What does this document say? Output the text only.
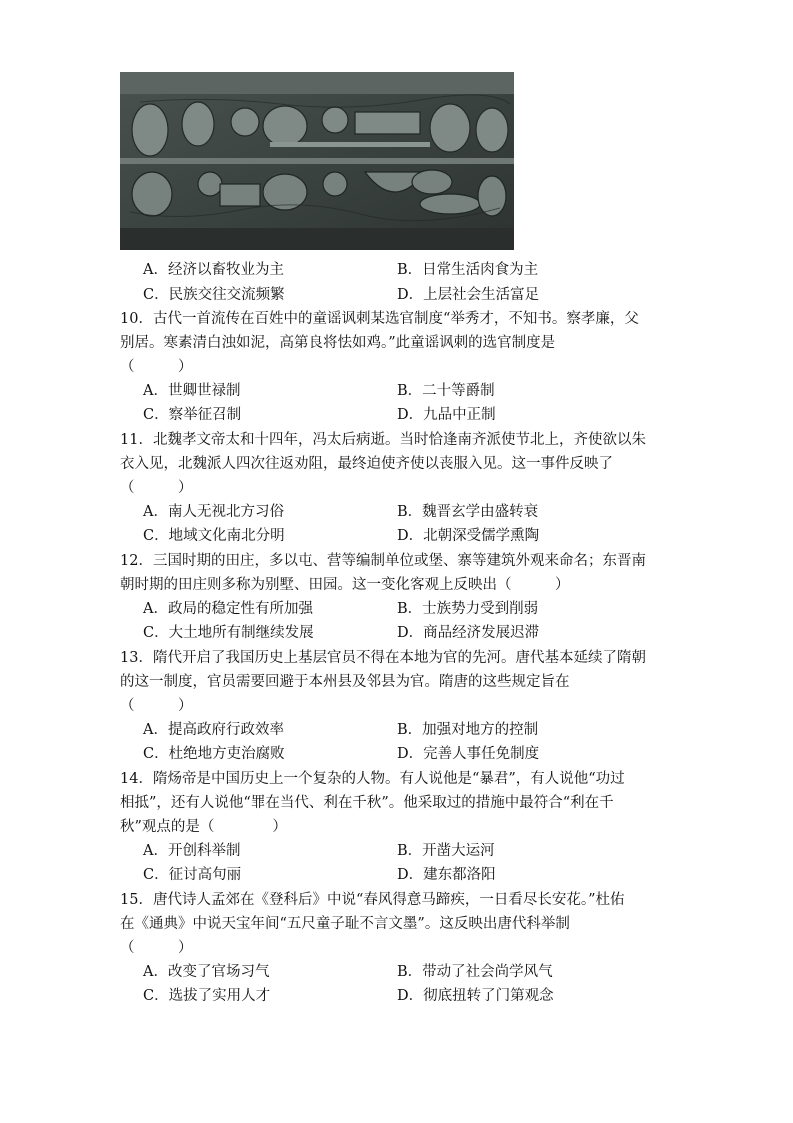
A．经济以畜牧业为主	B．日常生活肉食为主
C．民族交往交流频繁	D．上层社会生活富足
10．古代一首流传在百姓中的童谣讽刺某选官制度“举秀才，不知书。察孝廉，父
别居。寒素清白浊如泥，高第良将怯如鸡。”此童谣讽刺的选官制度是
（　　　）
A．世卿世禄制	B．二十等爵制
C．察举征召制	D．九品中正制
11．北魏孝文帝太和十四年，冯太后病逝。当时恰逢南齐派使节北上，齐使欲以朱
衣入见，北魏派人四次往返劝阻，最终迫使齐使以丧服入见。这一事件反映了
（　　　）
A．南人无视北方习俗	B．魏晋玄学由盛转衰
C．地域文化南北分明	D．北朝深受儒学熏陶
12．三国时期的田庄，多以屯、营等编制单位或堡、寨等建筑外观来命名；东晋南
朝时期的田庄则多称为别墅、田园。这一变化客观上反映出（　　　）
A．政局的稳定性有所加强	B．士族势力受到削弱
C．大土地所有制继续发展	D．商品经济发展迟滞
13．隋代开启了我国历史上基层官员不得在本地为官的先河。唐代基本延续了隋朝
的这一制度，官员需要回避于本州县及邻县为官。隋唐的这些规定旨在
（　　　）
A．提高政府行政效率	B．加强对地方的控制
C．杜绝地方吏治腐败	D．完善人事任免制度
14．隋炀帝是中国历史上一个复杂的人物。有人说他是“暴君”，有人说他“功过
相抵”，还有人说他“罪在当代、利在千秋”。他采取过的措施中最符合“利在千
秋”观点的是（　　　　）
A．开创科举制	B．开凿大运河
C．征讨高句丽	D．建东都洛阳
15．唐代诗人孟郊在《登科后》中说“春风得意马蹄疾，一日看尽长安花。”杜佑
在《通典》中说天宝年间“五尺童子耻不言文墨”。这反映出唐代科举制
（　　　）
A．改变了官场习气	B．带动了社会尚学风气
C．选拔了实用人才	D．彻底扭转了门第观念
